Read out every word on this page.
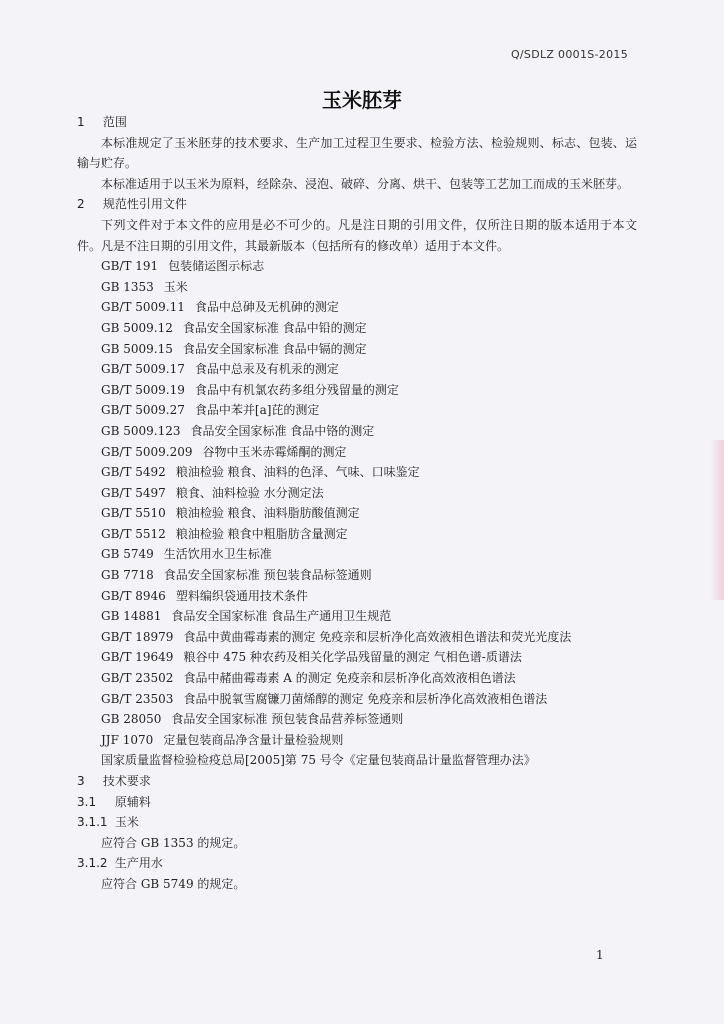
Q/SDLZ 0001S-2015
玉米胚芽
1 范围
本标准规定了玉米胚芽的技术要求、生产加工过程卫生要求、检验方法、检验规则、标志、包装、运输与贮存。
本标准适用于以玉米为原料，经除杂、浸泡、破碎、分离、烘干、包装等工艺加工而成的玉米胚芽。
2 规范性引用文件
下列文件对于本文件的应用是必不可少的。凡是注日期的引用文件，仅所注日期的版本适用于本文件。凡是不注日期的引用文件，其最新版本（包括所有的修改单）适用于本文件。
GB/T 191 包装储运图示标志
GB 1353 玉米
GB/T 5009.11 食品中总砷及无机砷的测定
GB 5009.12 食品安全国家标准 食品中铅的测定
GB 5009.15 食品安全国家标准 食品中镉的测定
GB/T 5009.17 食品中总汞及有机汞的测定
GB/T 5009.19 食品中有机氯农药多组分残留量的测定
GB/T 5009.27 食品中苯并[a]芘的测定
GB 5009.123 食品安全国家标准 食品中铬的测定
GB/T 5009.209 谷物中玉米赤霉烯酮的测定
GB/T 5492 粮油检验 粮食、油料的色泽、气味、口味鉴定
GB/T 5497 粮食、油料检验 水分测定法
GB/T 5510 粮油检验 粮食、油料脂肪酸值测定
GB/T 5512 粮油检验 粮食中粗脂肪含量测定
GB 5749 生活饮用水卫生标准
GB 7718 食品安全国家标准 预包装食品标签通则
GB/T 8946 塑料编织袋通用技术条件
GB 14881 食品安全国家标准 食品生产通用卫生规范
GB/T 18979 食品中黄曲霉毒素的测定 免疫亲和层析净化高效液相色谱法和荧光光度法
GB/T 19649 粮谷中 475 种农药及相关化学品残留量的测定 气相色谱-质谱法
GB/T 23502 食品中赭曲霉毒素 A 的测定 免疫亲和层析净化高效液相色谱法
GB/T 23503 食品中脱氧雪腐镰刀菌烯醇的测定 免疫亲和层析净化高效液相色谱法
GB 28050 食品安全国家标准 预包装食品营养标签通则
JJF 1070 定量包装商品净含量计量检验规则
国家质量监督检验检疫总局[2005]第 75 号令《定量包装商品计量监督管理办法》
3 技术要求
3.1 原辅料
3.1.1 玉米
应符合 GB 1353 的规定。
3.1.2 生产用水
应符合 GB 5749 的规定。
1
